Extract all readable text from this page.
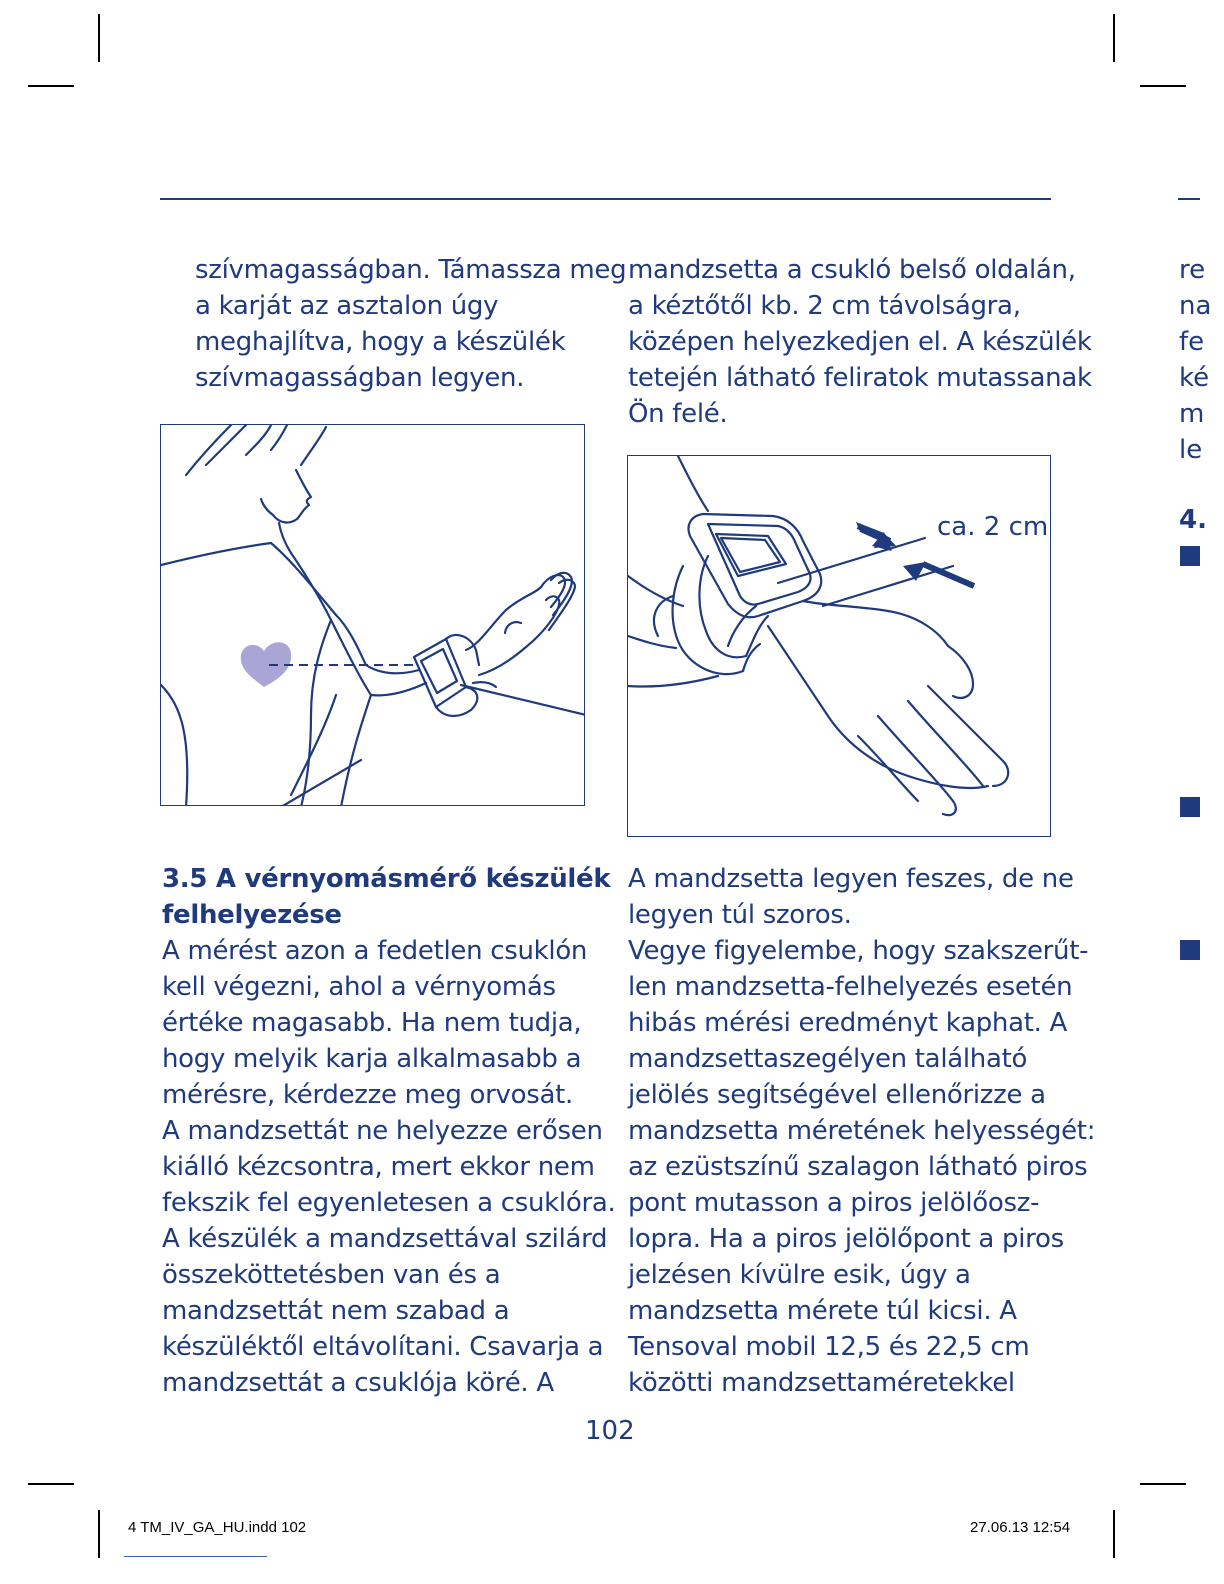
szívmagasságban. Támassza meg
a karját az asztalon úgy
meghajlítva, hogy a készülék
szívmagasságban legyen.
mandzsetta a csukló belső oldalán,
a kéztőtől kb. 2 cm távolságra,
középen helyezkedjen el. A készülék
tetején látható feliratok mutassanak
Ön felé.
ca. 2 cm
3.5 A vérnyomásmérő készülék
felhelyezése
A mérést azon a fedetlen csuklón
kell végezni, ahol a vérnyomás
értéke magasabb. Ha nem tudja,
hogy melyik karja alkalmasabb a
mérésre, kérdezze meg orvosát.
A mandzsettát ne helyezze erősen
kiálló kézcsontra, mert ekkor nem
fekszik fel egyenletesen a csuklóra.
A készülék a mandzsettával szilárd
összeköttetésben van és a
mandzsettát nem szabad a
készüléktől eltávolítani. Csavarja a
mandzsettát a csuklója köré. A
A mandzsetta legyen feszes, de ne
legyen túl szoros.
Vegye figyelembe, hogy szakszerűt-
len mandzsetta-felhelyezés esetén
hibás mérési eredményt kaphat. A
mandzsettaszegélyen található
jelölés segítségével ellenőrizze a
mandzsetta méretének helyességét:
az ezüstszínű szalagon látható piros
pont mutasson a piros jelölőosz-
lopra. Ha a piros jelölőpont a piros
jelzésen kívülre esik, úgy a
mandzsetta mérete túl kicsi. A
Tensoval mobil 12,5 és 22,5 cm
közötti mandzsettaméretekkel
re
na
fe
ké
m
le
4.
102
4 TM_IV_GA_HU.indd 102	27.06.13 12:54
